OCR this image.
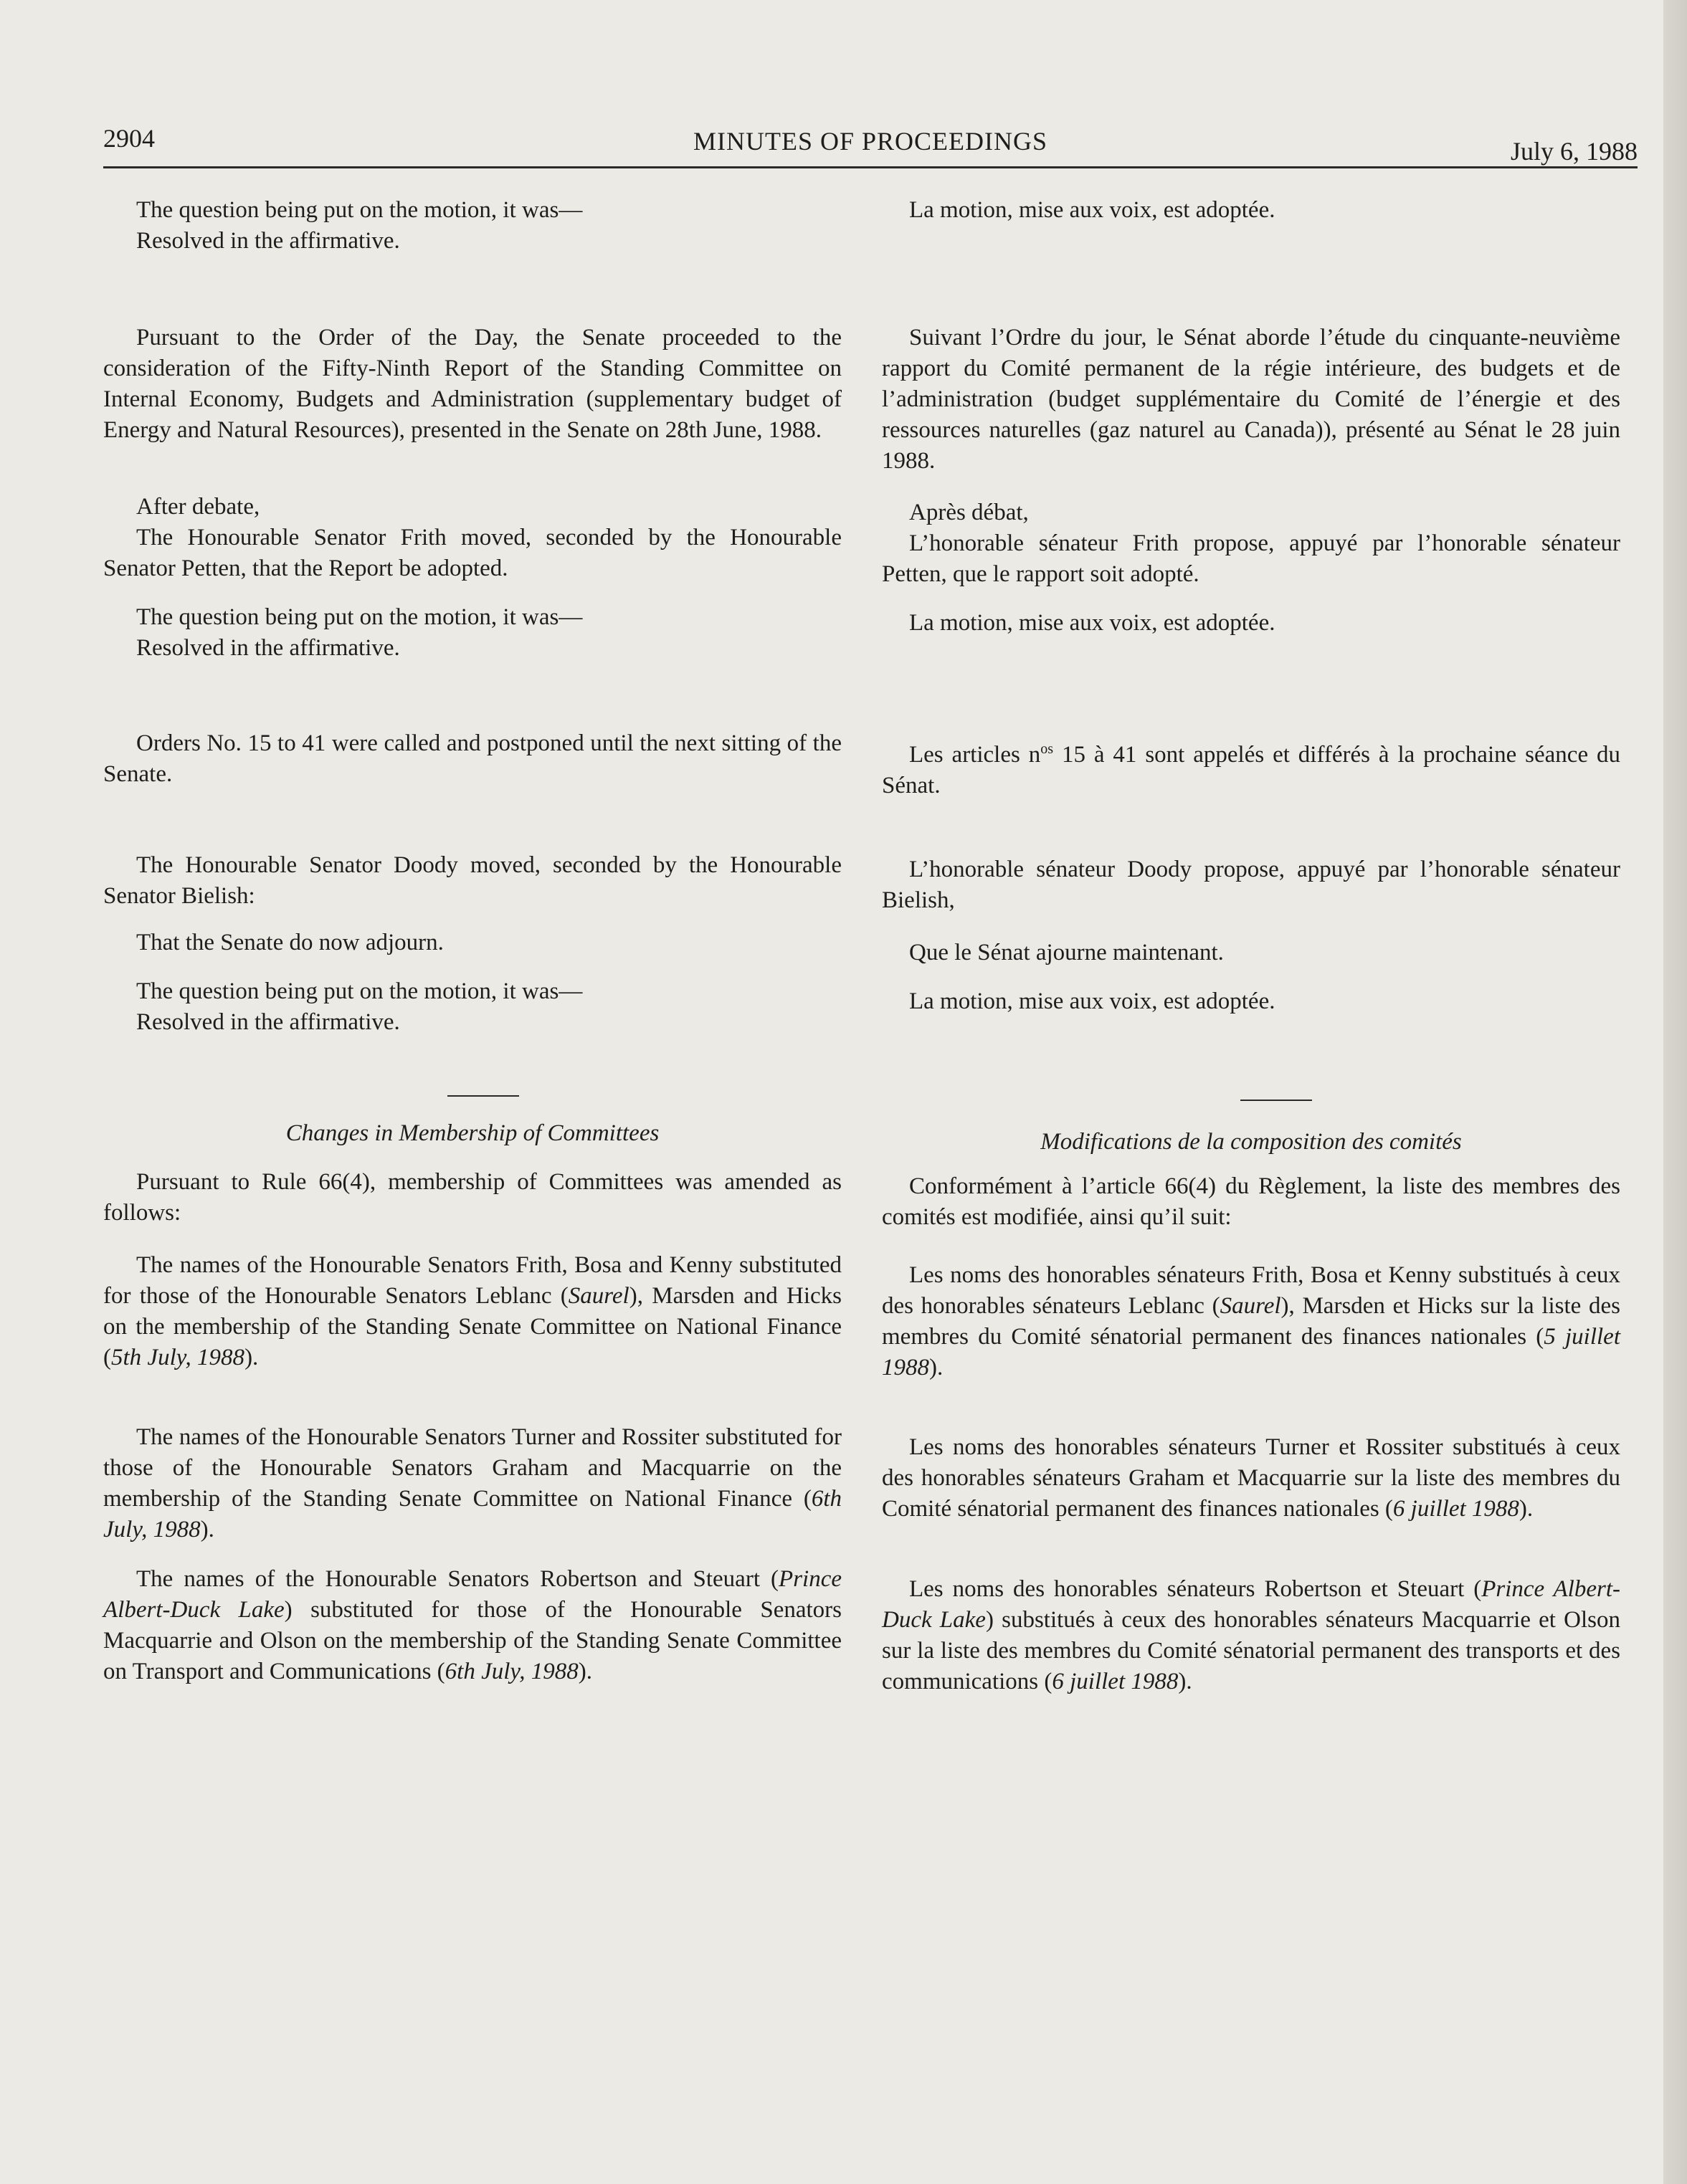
2904	MINUTES OF PROCEEDINGS	July 6, 1988

The question being put on the motion, it was—

Resolved in the affirmative.

Pursuant to the Order of the Day, the Senate proceeded to the consideration of the Fifty-Ninth Report of the Standing Committee on Internal Economy, Budgets and Administration (supplementary budget of Energy and Natural Resources), presented in the Senate on 28th June, 1988.

After debate,

The Honourable Senator Frith moved, seconded by the Honourable Senator Petten, that the Report be adopted.

The question being put on the motion, it was—

Resolved in the affirmative.

Orders No. 15 to 41 were called and postponed until the next sitting of the Senate.

The Honourable Senator Doody moved, seconded by the Honourable Senator Bielish:

That the Senate do now adjourn.

The question being put on the motion, it was—

Resolved in the affirmative.

Changes in Membership of Committees

Pursuant to Rule 66(4), membership of Committees was amended as follows:

The names of the Honourable Senators Frith, Bosa and Kenny substituted for those of the Honourable Senators Leblanc (Saurel), Marsden and Hicks on the membership of the Standing Senate Committee on National Finance (5th July, 1988).

The names of the Honourable Senators Turner and Rossiter substituted for those of the Honourable Senators Graham and Macquarrie on the membership of the Standing Senate Committee on National Finance (6th July, 1988).

The names of the Honourable Senators Robertson and Steuart (Prince Albert-Duck Lake) substituted for those of the Honourable Senators Macquarrie and Olson on the membership of the Standing Senate Committee on Transport and Communications (6th July, 1988).

La motion, mise aux voix, est adoptée.

Suivant l’Ordre du jour, le Sénat aborde l’étude du cinquante-neuvième rapport du Comité permanent de la régie intérieure, des budgets et de l’administration (budget supplémentaire du Comité de l’énergie et des ressources naturelles (gaz naturel au Canada)), présenté au Sénat le 28 juin 1988.

Après débat,

L’honorable sénateur Frith propose, appuyé par l’honorable sénateur Petten, que le rapport soit adopté.

La motion, mise aux voix, est adoptée.

Les articles $n^{os}$ 15 à 41 sont appelés et différés à la prochaine séance du Sénat.

L’honorable sénateur Doody propose, appuyé par l’honorable sénateur Bielish,

Que le Sénat ajourne maintenant.

La motion, mise aux voix, est adoptée.

Modifications de la composition des comités

Conformément à l’article 66(4) du Règlement, la liste des membres des comités est modifiée, ainsi qu’il suit:

Les noms des honorables sénateurs Frith, Bosa et Kenny substitués à ceux des honorables sénateurs Leblanc (Saurel), Marsden et Hicks sur la liste des membres du Comité sénatorial permanent des finances nationales (5 juillet 1988).

Les noms des honorables sénateurs Turner et Rossiter substitués à ceux des honorables sénateurs Graham et Macquarrie sur la liste des membres du Comité sénatorial permanent des finances nationales (6 juillet 1988).

Les noms des honorables sénateurs Robertson et Steuart (Prince Albert-Duck Lake) substitués à ceux des honorables sénateurs Macquarrie et Olson sur la liste des membres du Comité sénatorial permanent des transports et des communications (6 juillet 1988).
